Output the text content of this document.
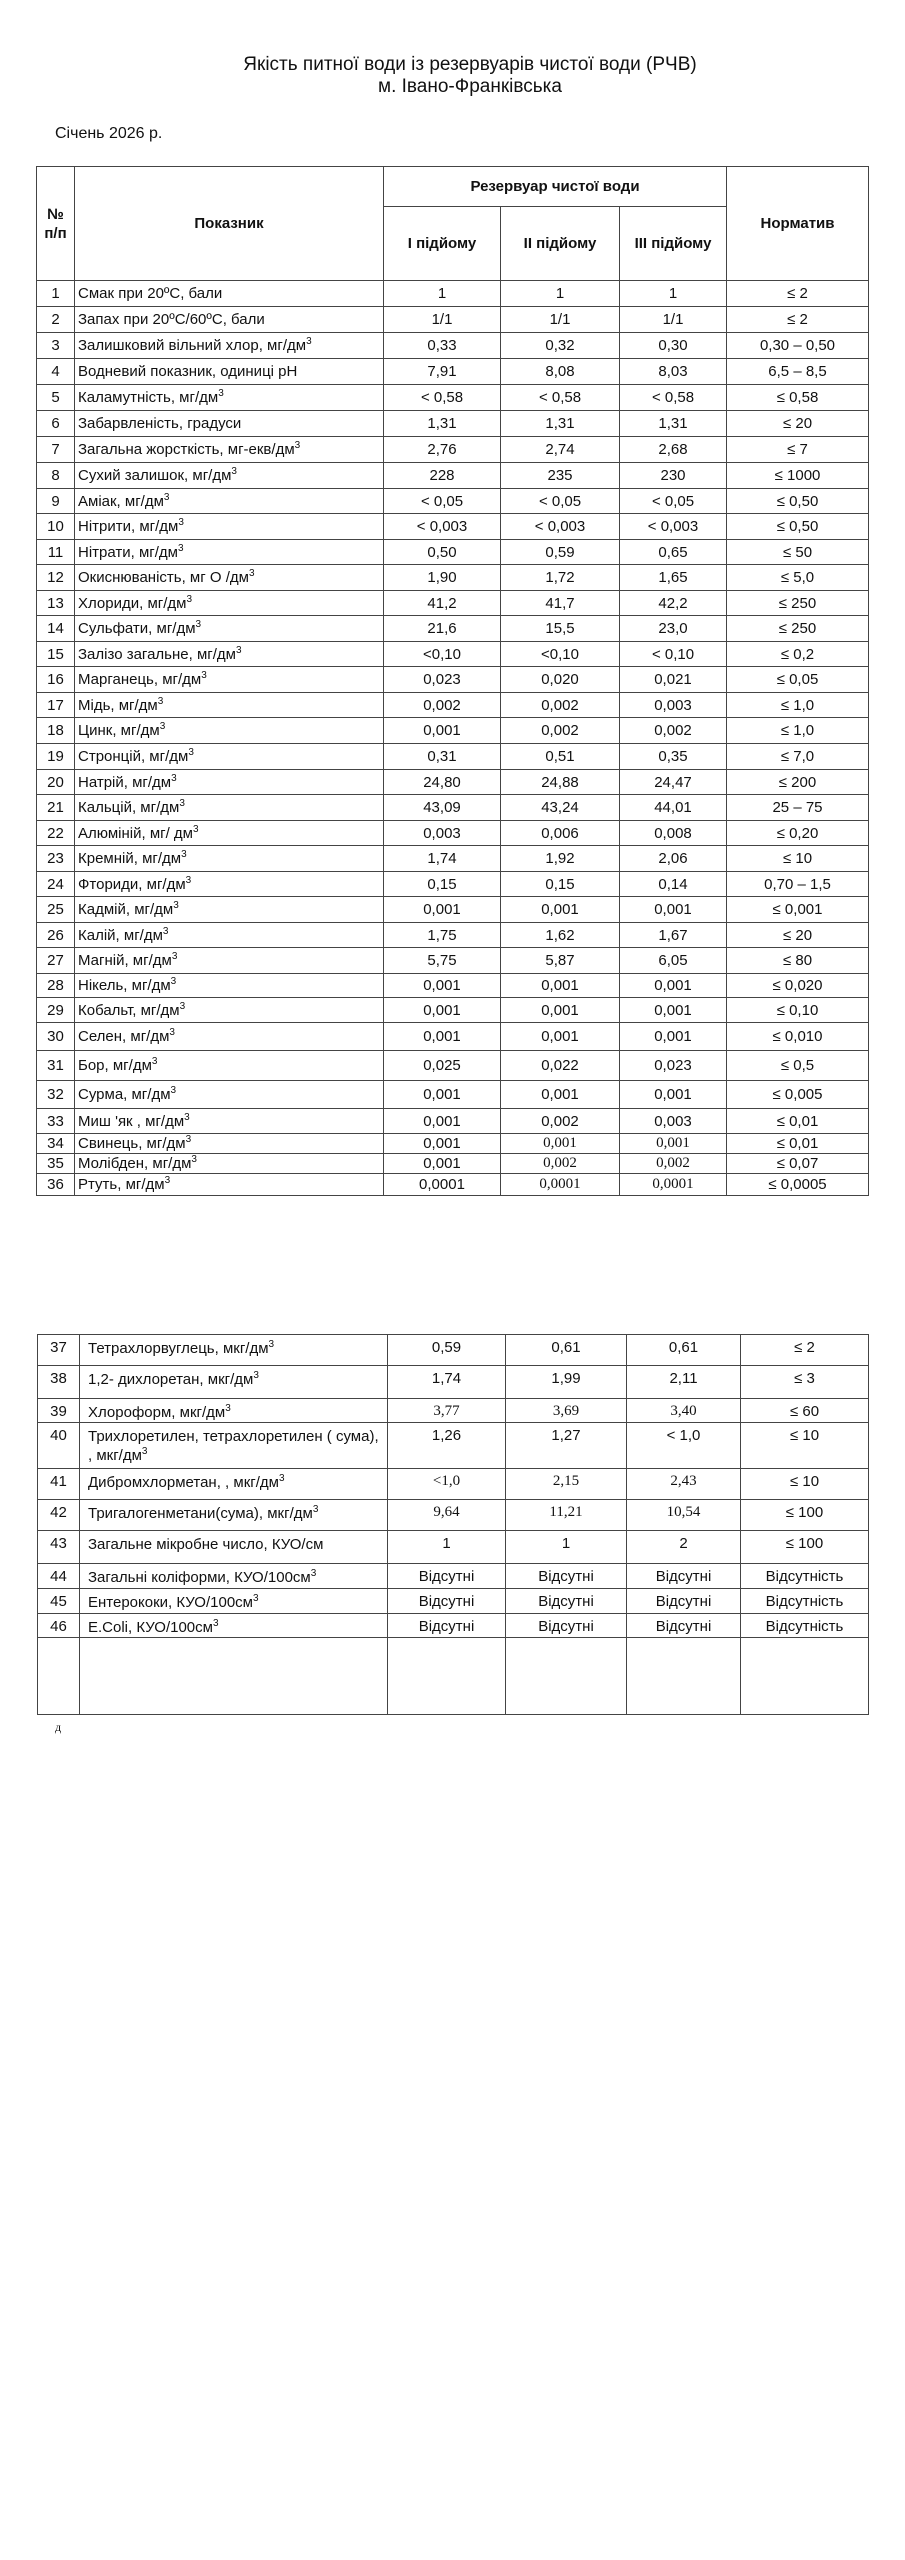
Якість питної води із резервуарів чистої води (РЧВ)
м. Івано-Франківська
Січень 2026 р.
№ п/п	Показник	Резервуар чистої води			Норматив
		І підйому	ІІ підйому	ІІІ підйому	
1	Смак при 20ºС, бали	1	1	1	≤ 2
2	Запах при 20ºС/60ºС, бали	1/1	1/1	1/1	≤ 2
3	Залишковий вільний хлор, $мг/дм^3$	0,33	0,32	0,30	0,30 – 0,50
4	Водневий показник, одиниці pH	7,91	8,08	8,03	6,5 – 8,5
5	Каламутність, $мг/дм^3$	< 0,58	< 0,58	< 0,58	≤ 0,58
6	Забарвленість, градуси	1,31	1,31	1,31	≤ 20
7	Загальна жорсткість, $мг-екв/дм^3$	2,76	2,74	2,68	≤ 7
8	Сухий залишок, $мг/дм^3$	228	235	230	≤ 1000
9	Аміак, $мг/дм^3$	< 0,05	< 0,05	< 0,05	≤ 0,50
10	Нітрити, $мг/дм^3$	< 0,003	< 0,003	< 0,003	≤ 0,50
11	Нітрати, $мг/дм^3$	0,50	0,59	0,65	≤ 50
12	Окиснюваність, мг О $/дм^3$	1,90	1,72	1,65	≤ 5,0
13	Хлориди, $мг/дм^3$	41,2	41,7	42,2	≤ 250
14	Сульфати, $мг/дм^3$	21,6	15,5	23,0	≤ 250
15	Залізо загальне, $мг/дм^3$	<0,10	<0,10	< 0,10	≤ 0,2
16	Марганець, $мг/дм^3$	0,023	0,020	0,021	≤ 0,05
17	Мідь, $мг/дм^3$	0,002	0,002	0,003	≤ 1,0
18	Цинк, $мг/дм^3$	0,001	0,002	0,002	≤ 1,0
19	Стронцій, $мг/дм^3$	0,31	0,51	0,35	≤ 7,0
20	Натрій, $мг/дм^3$	24,80	24,88	24,47	≤ 200
21	Кальцій, $мг/дм^3$	43,09	43,24	44,01	25 – 75
22	Алюміній, мг/ $дм^3$	0,003	0,006	0,008	≤ 0,20
23	Кремній, $мг/дм^3$	1,74	1,92	2,06	≤ 10
24	Фториди, $мг/дм^3$	0,15	0,15	0,14	0,70 – 1,5
25	Кадмій, $мг/дм^3$	0,001	0,001	0,001	≤ 0,001
26	Калій, $мг/дм^3$	1,75	1,62	1,67	≤ 20
27	Магній, $мг/дм^3$	5,75	5,87	6,05	≤ 80
28	Нікель, $мг/дм^3$	0,001	0,001	0,001	≤ 0,020
29	Кобальт, $мг/дм^3$	0,001	0,001	0,001	≤ 0,10
30	Селен, $мг/дм^3$	0,001	0,001	0,001	≤ 0,010
31	Бор, $мг/дм^3$	0,025	0,022	0,023	≤ 0,5
32	Сурма, $мг/дм^3$	0,001	0,001	0,001	≤ 0,005
33	Миш 'як , $мг/дм^3$	0,001	0,002	0,003	≤ 0,01
34	Свинець, $мг/дм^3$	0,001	0,001	0,001	≤ 0,01
35	Молібден, $мг/дм^3$	0,001	0,002	0,002	≤ 0,07
36	Ртуть, $мг/дм^3$	0,0001	0,0001	0,0001	≤ 0,0005
37	Тетрахлорвуглець, мкг/$дм^3$	0,59	0,61	0,61	≤ 2
38	1,2- дихлоретан, мкг/$дм^3$	1,74	1,99	2,11	≤ 3
39	Хлороформ, мкг/$дм^3$	3,77	3,69	3,40	≤ 60
40	Трихлоретилен, тетрахлоретилен ( сума), , мкг/$дм^3$	1,26	1,27	< 1,0	≤ 10
41	Дибромхлорметан, , мкг/$дм^3$	<1,0	2,15	2,43	≤ 10
42	Тригалогенметани(сума), мкг/$дм^3$	9,64	11,21	10,54	≤ 100
43	Загальне мікробне число, КУО/см	1	1	2	≤ 100
44	Загальні коліформи, КУО/$100см^3$	Відсутні	Відсутні	Відсутні	Відсутність
45	Ентерококи, КУО/$100см^3$	Відсутні	Відсутні	Відсутні	Відсутність
46	E.Coli, КУО/$100см^3$	Відсутні	Відсутні	Відсутні	Відсутність

д
